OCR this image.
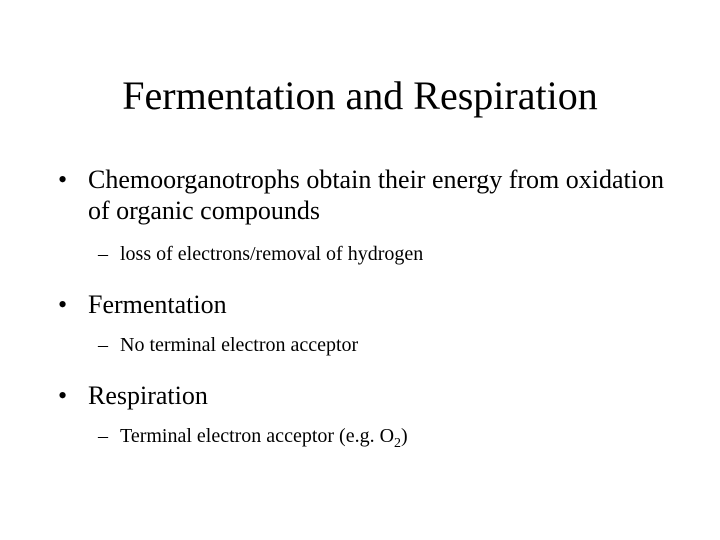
Fermentation and Respiration
• Chemoorganotrophs obtain their energy from oxidation of organic compounds
– loss of electrons/removal of hydrogen
• Fermentation
– No terminal electron acceptor
• Respiration
– Terminal electron acceptor (e.g. $O_2$)
